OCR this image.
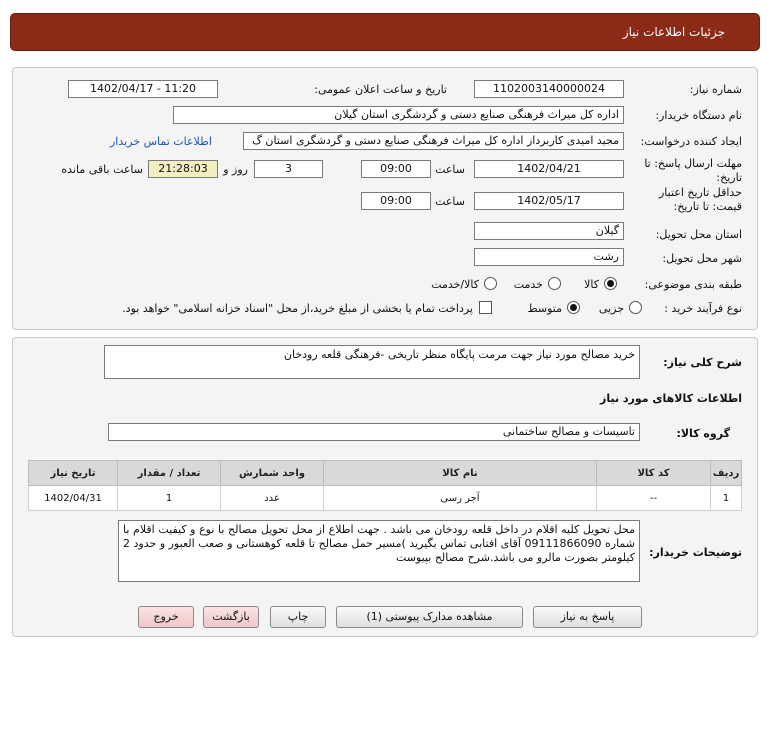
جزئیات اطلاعات نیاز
شماره نیاز:
1102003140000024
تاریخ و ساعت اعلان عمومی:
1402/04/17 - 11:20
نام دستگاه خریدار:
اداره کل میراث فرهنگی صنایع دستی و گردشگری استان گیلان
ایجاد کننده درخواست:
مجید امیدی کاربرداز اداره کل میراث فرهنگی صنایع دستی و گردشگری استان گ
اطلاعات تماس خریدار
مهلت ارسال پاسخ: تا
تاریخ:
1402/04/21
ساعت
09:00
3
روز و
21:28:03
ساعت باقی مانده
حداقل تاریخ اعتبار
قیمت: تا تاریخ:
1402/05/17
ساعت
09:00
استان محل تحویل:
گیلان
شهر محل تحویل:
رشت
طبقه بندی موضوعی:
کالا
خدمت
کالا/خدمت
نوع فرآیند خرید :
جزیی
متوسط
پرداخت تمام یا بخشی از مبلغ خرید،از محل "اسناد خزانه اسلامی" خواهد بود.
شرح کلی نیاز:
خرید مصالح مورد نیاز جهت مرمت پایگاه منظر تاریخی -فرهنگی قلعه رودخان
اطلاعات کالاهای مورد نیاز
گروه کالا:
تاسیسات و مصالح ساختمانی
ردیف	کد کالا	نام کالا	واحد شمارش	تعداد / مقدار	تاریخ نیاز
1	--	آجر رسی	عدد	1	1402/04/31
توضیحات خریدار:
محل تحویل کلیه اقلام در داخل قلعه رودخان می باشد . جهت اطلاع از محل تحویل مصالح با نوع و کیفیت اقلام با شماره 09111866090 آقای افتابی تماس بگیرید )مسیر حمل مصالح تا قلعه کوهستانی و صعب العبور و حدود 2 کیلومتر بصورت مالرو می باشد.شرح مصالح بپیوست
پاسخ به نیاز
مشاهده مدارک پیوستی (1)
چاپ
بازگشت
خروج
